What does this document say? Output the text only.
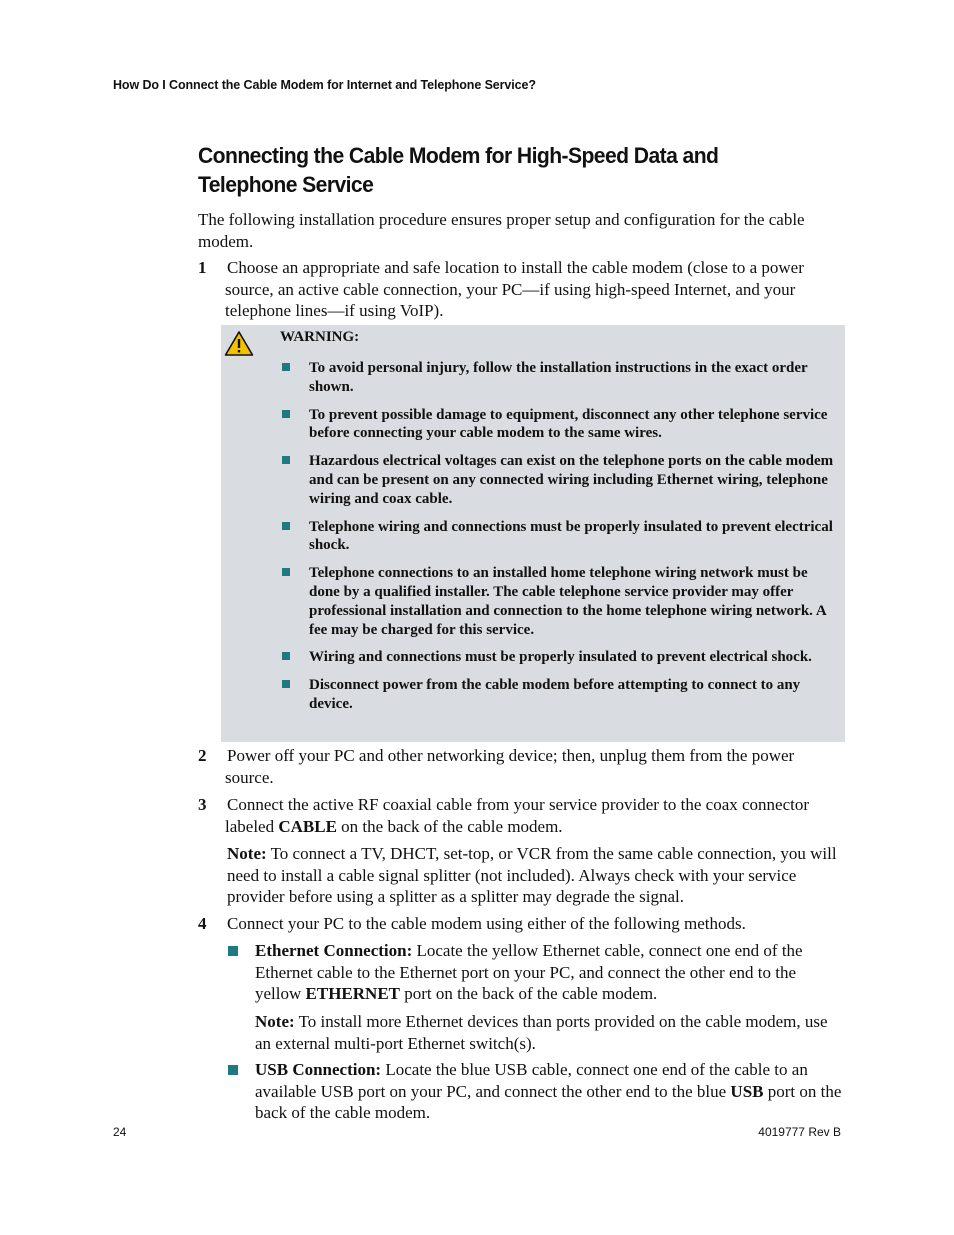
How Do I Connect the Cable Modem for Internet and Telephone Service?
Connecting the Cable Modem for High-Speed Data and Telephone Service

The following installation procedure ensures proper setup and configuration for the cable modem.

1 Choose an appropriate and safe location to install the cable modem (close to a power source, an active cable connection, your PC—if using high-speed Internet, and your telephone lines—if using VoIP).

WARNING:
To avoid personal injury, follow the installation instructions in the exact order shown.
To prevent possible damage to equipment, disconnect any other telephone service before connecting your cable modem to the same wires.
Hazardous electrical voltages can exist on the telephone ports on the cable modem and can be present on any connected wiring including Ethernet wiring, telephone wiring and coax cable.
Telephone wiring and connections must be properly insulated to prevent electrical shock.
Telephone connections to an installed home telephone wiring network must be done by a qualified installer. The cable telephone service provider may offer professional installation and connection to the home telephone wiring network. A fee may be charged for this service.
Wiring and connections must be properly insulated to prevent electrical shock.
Disconnect power from the cable modem before attempting to connect to any device.
2 Power off your PC and other networking device; then, unplug them from the power source.

3 Connect the active RF coaxial cable from your service provider to the coax connector labeled CABLE on the back of the cable modem.

Note: To connect a TV, DHCT, set-top, or VCR from the same cable connection, you will need to install a cable signal splitter (not included). Always check with your service provider before using a splitter as a splitter may degrade the signal.

4 Connect your PC to the cable modem using either of the following methods.

Ethernet Connection: Locate the yellow Ethernet cable, connect one end of the Ethernet cable to the Ethernet port on your PC, and connect the other end to the yellow ETHERNET port on the back of the cable modem.

Note: To install more Ethernet devices than ports provided on the cable modem, use an external multi-port Ethernet switch(s).

USB Connection: Locate the blue USB cable, connect one end of the cable to an available USB port on your PC, and connect the other end to the blue USB port on the back of the cable modem.

24	4019777 Rev B
